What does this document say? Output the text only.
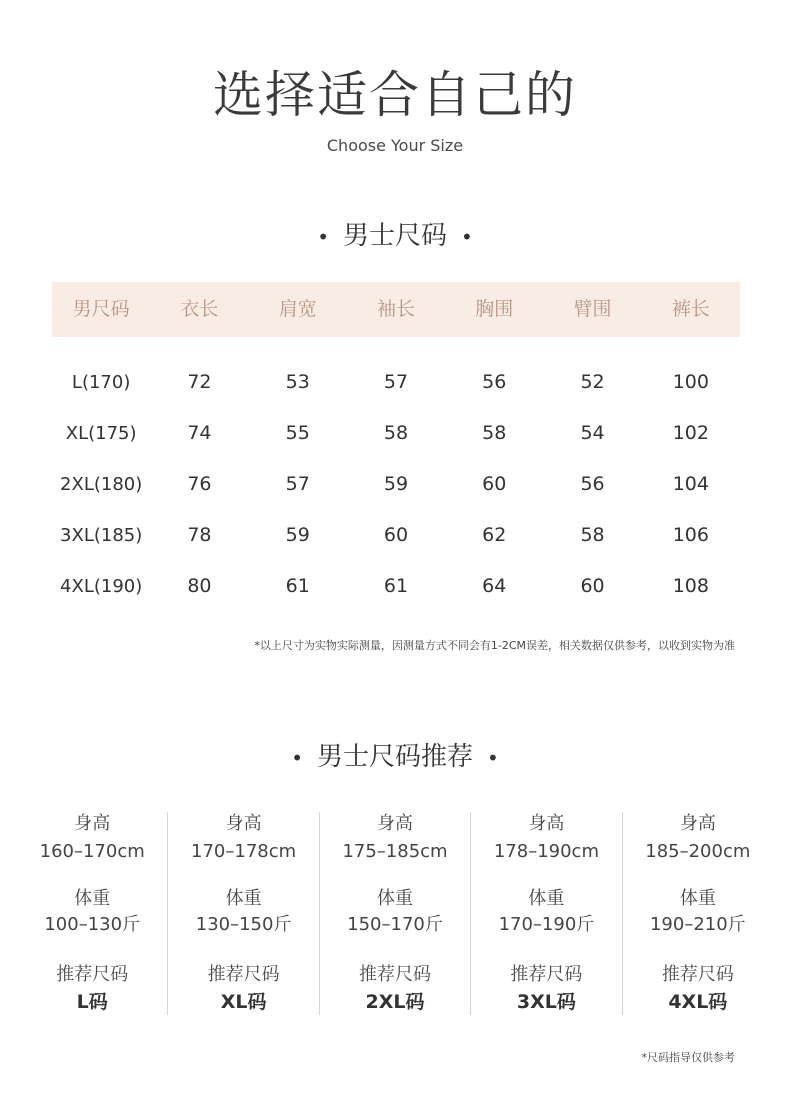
选择适合自己的
Choose Your Size
• 男士尺码 •
男尺码	衣长	肩宽	袖长	胸围	臂围	裤长
L(170)	72	53	57	56	52	100
XL(175)	74	55	58	58	54	102
2XL(180)	76	57	59	60	56	104
3XL(185)	78	59	60	62	58	106
4XL(190)	80	61	61	64	60	108
*以上尺寸为实物实际测量，因测量方式不同会有1-2CM误差，相关数据仅供参考，以收到实物为准
• 男士尺码推荐 •
身高
160–170cm
体重
100–130斤
推荐尺码
L码
身高
170–178cm
体重
130–150斤
推荐尺码
XL码
身高
175–185cm
体重
150–170斤
推荐尺码
2XL码
身高
178–190cm
体重
170–190斤
推荐尺码
3XL码
身高
185–200cm
体重
190–210斤
推荐尺码
4XL码
*尺码指导仅供参考
